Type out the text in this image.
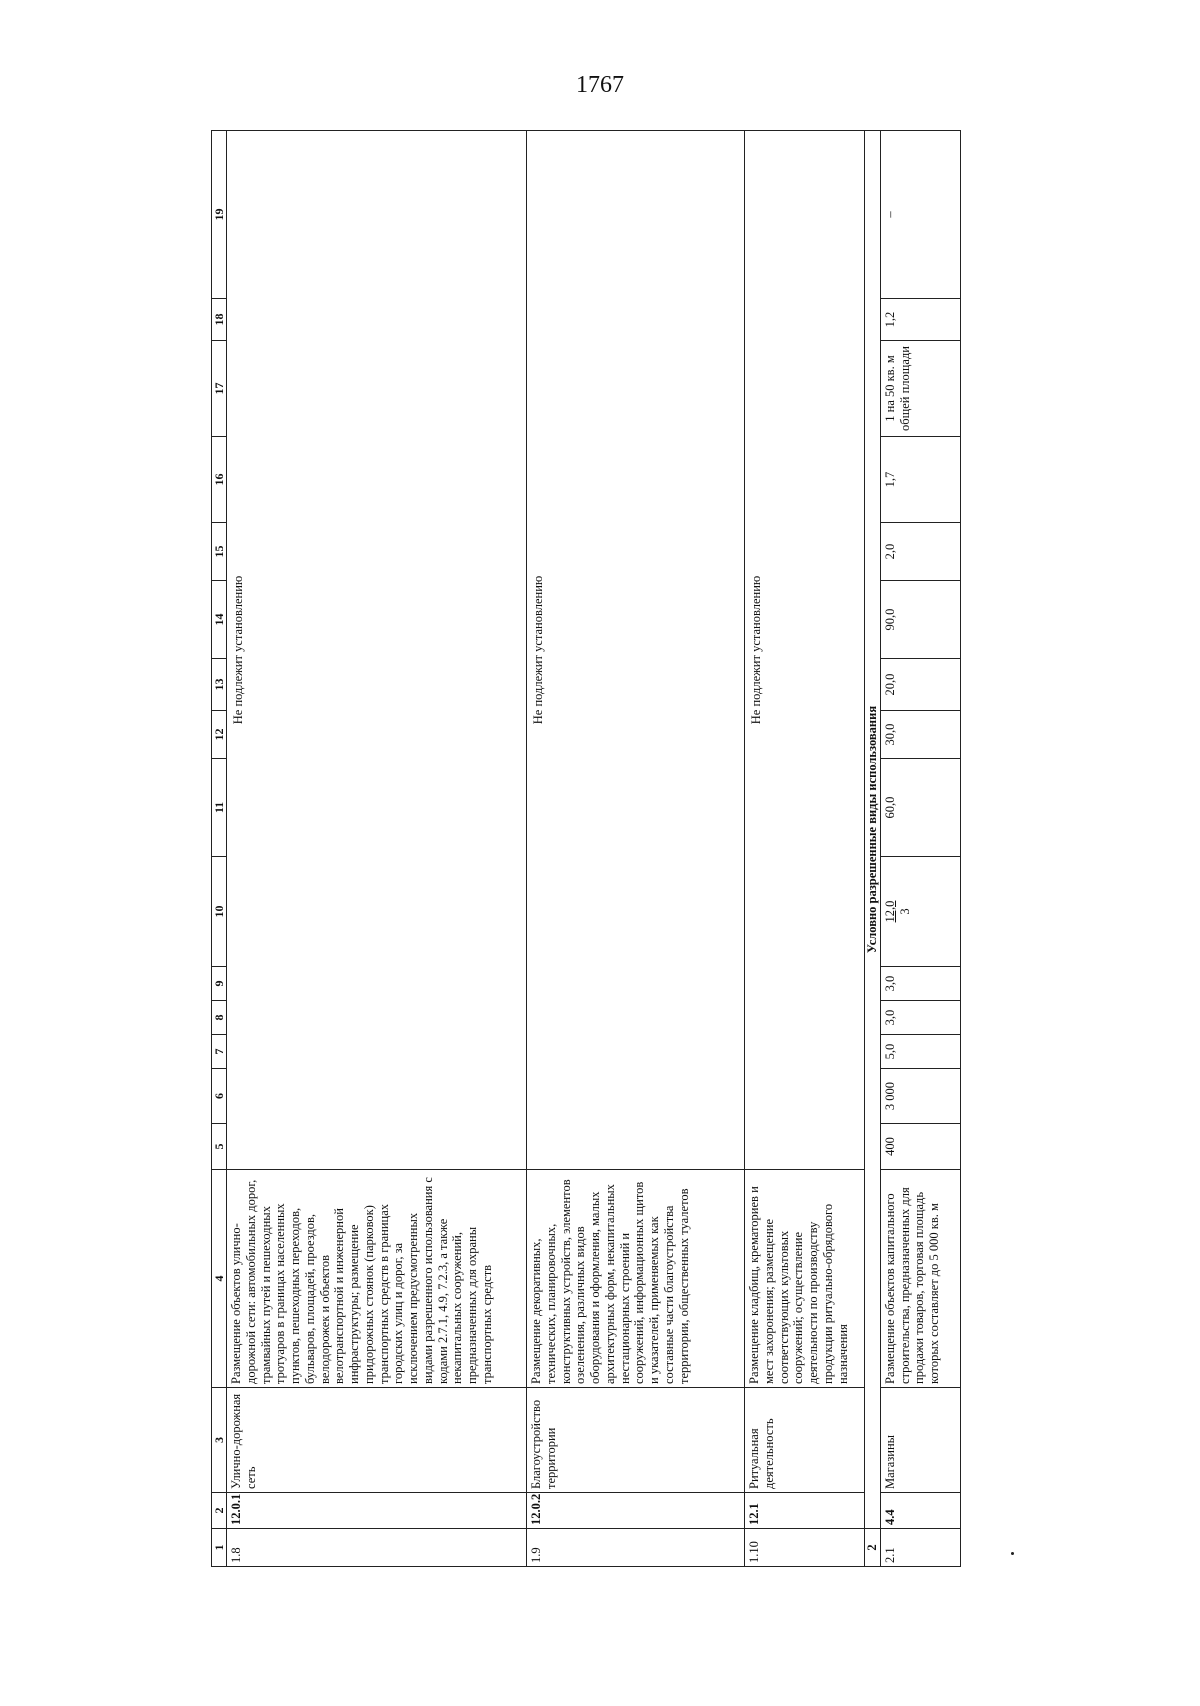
1767
1	2	3	4	5	6	7	8	9	10	11	12	13	14	15	16	17	18	19
1.8	12.0.1	Улично-дорожная сеть	Размещение объектов улично-дорожной сети: автомобильных дорог, трамвайных путей и пешеходных тротуаров в границах населенных пунктов, пешеходных переходов, бульваров, площадей, проездов, велодорожек и объектов велотранспортной и инженерной инфраструктуры; размещение придорожных стоянок (парковок) транспортных средств в границах городских улиц и дорог, за исключением предусмотренных видами разрешенного использования с кодами 2.7.1, 4.9, 7.2.3, а также некапитальных сооружений, предназначенных для охраны транспортных средств	Не подлежит установлению														
1.9	12.0.2	Благоустройство территории	Размещение декоративных, технических, планировочных, конструктивных устройств, элементов озеленения, различных видов оборудования и оформления, малых архитектурных форм, некапитальных нестационарных строений и сооружений, информационных щитов и указателей, применяемых как составные части благоустройства территории, общественных туалетов	Не подлежит установлению														
1.10	12.1	Ритуальная деятельность	Размещение кладбищ, крематориев и мест захоронения; размещение соответствующих культовых сооружений; осуществление деятельности по производству продукции ритуально-обрядового назначения	Не подлежит установлению														
2	Условно разрешенные виды использования																	
2.1	4.4	Магазины	Размещение объектов капитального строительства, предназначенных для продажи товаров, торговая площадь которых составляет до 5 000 кв. м	400	3 000	5,0	3,0	3,0	12,0 3	60,0	30,0	20,0	90,0	2,0	1,7	1 на 50 кв. м общей площади	1,2	–
